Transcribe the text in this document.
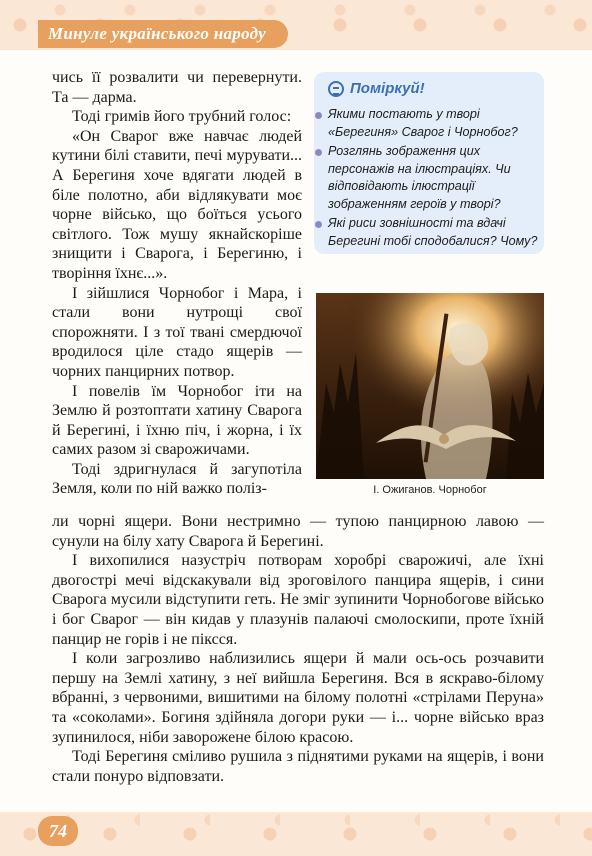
Минуле українського народу

чись її розвалити чи перевернути. Та — дарма.

Тоді гримів його трубний голос:

«Он Сварог вже навчає людей кутини білі ставити, печі мурувати... А Берегиня хоче вдягати людей в біле полотно, аби відлякувати моє чорне військо, що боїться усього світлого. Тож мушу якнайскоріше знищити і Сварога, і Берегиню, і творіння їхнє...».

І зійшлися Чорнобог і Мара, і стали вони нутрощі свої спорожняти. І з тої твані смердючої вродилося ціле стадо ящерів — чорних панцирних потвор.

І повелів їм Чорнобог іти на Землю й розтоптати хатину Сварога й Берегині, і їхню піч, і жорна, і їх самих разом зі сварожичами.

Тоді здригнулася й загупотіла Земля, коли по ній важко поліз-

Поміркуй!
Якими постають у творі «Берегиня» Сварог і Чорнобог?
Розглянь зображення цих персонажів на ілюстраціях. Чи відповідають ілюстрації зображенням героїв у творі?
Які риси зовнішності та вдачі Берегині тобі сподобалися? Чому?
І. Ожиганов. Чорнобог

ли чорні ящери. Вони нестримно — тупою панцирною лавою — сунули на білу хату Сварога й Берегині.

І вихопилися назустріч потворам хоробрі сварожичі, але їхні двогострі мечі відскакували від зроговілого панцира ящерів, і сини Сварога мусили відступити геть. Не зміг зупинити Чорнобогове військо і бог Сварог — він кидав у плазунів палаючі смолоскипи, проте їхній панцир не горів і не піксся.

І коли загрозливо наблизились ящери й мали ось-ось розчавити першу на Землі хатину, з неї вийшла Берегиня. Вся в яскраво-білому вбранні, з червоними, вишитими на білому полотні «стрілами Перуна» та «соколами». Богиня здійняла догори руки — і... чорне військо враз зупинилося, ніби заворожене білою красою.

Тоді Берегиня сміливо рушила з піднятими руками на ящерів, і вони стали понуро відповзати.

74
